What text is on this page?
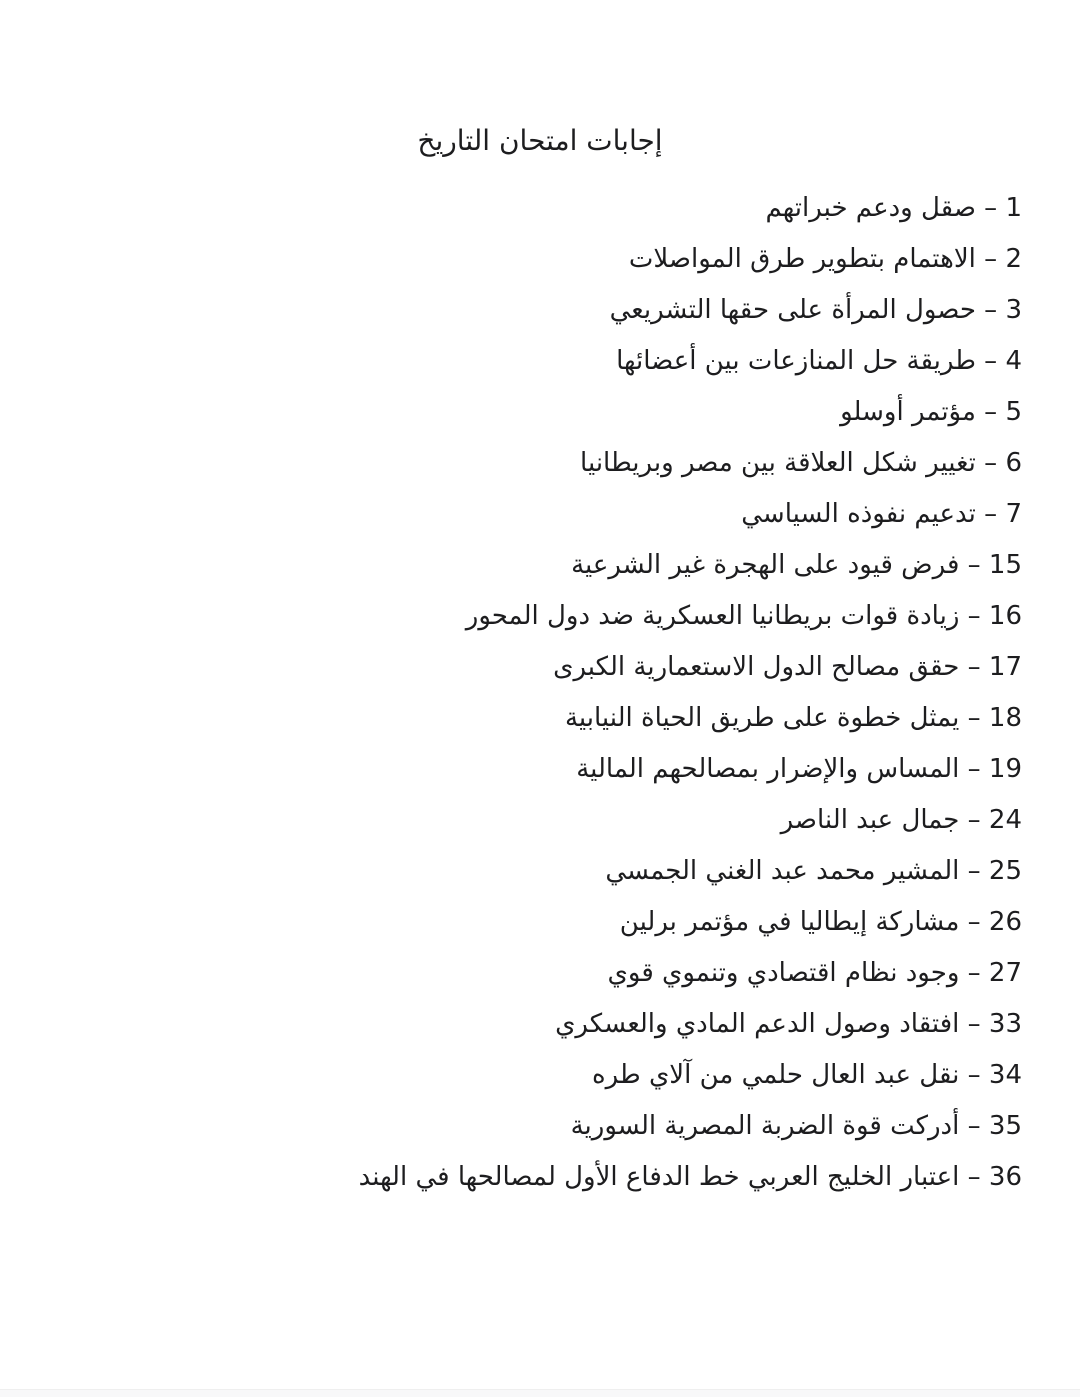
إجابات امتحان التاريخ
1 – صقل ودعم خبراتهم
2 – الاهتمام بتطوير طرق المواصلات
3 – حصول المرأة على حقها التشريعي
4 – طريقة حل المنازعات بين أعضائها
5 – مؤتمر أوسلو
6 – تغيير شكل العلاقة بين مصر وبريطانيا
7 – تدعيم نفوذه السياسي
15 – فرض قيود على الهجرة غير الشرعية
16 – زيادة قوات بريطانيا العسكرية ضد دول المحور
17 – حقق مصالح الدول الاستعمارية الكبرى
18 – يمثل خطوة على طريق الحياة النيابية
19 – المساس والإضرار بمصالحهم المالية
24 – جمال عبد الناصر
25 – المشير محمد عبد الغني الجمسي
26 – مشاركة إيطاليا في مؤتمر برلين
27 – وجود نظام اقتصادي وتنموي قوي
33 – افتقاد وصول الدعم المادي والعسكري
34 – نقل عبد العال حلمي من آلاي طره
35 – أدركت قوة الضربة المصرية السورية
36 – اعتبار الخليج العربي خط الدفاع الأول لمصالحها في الهند
